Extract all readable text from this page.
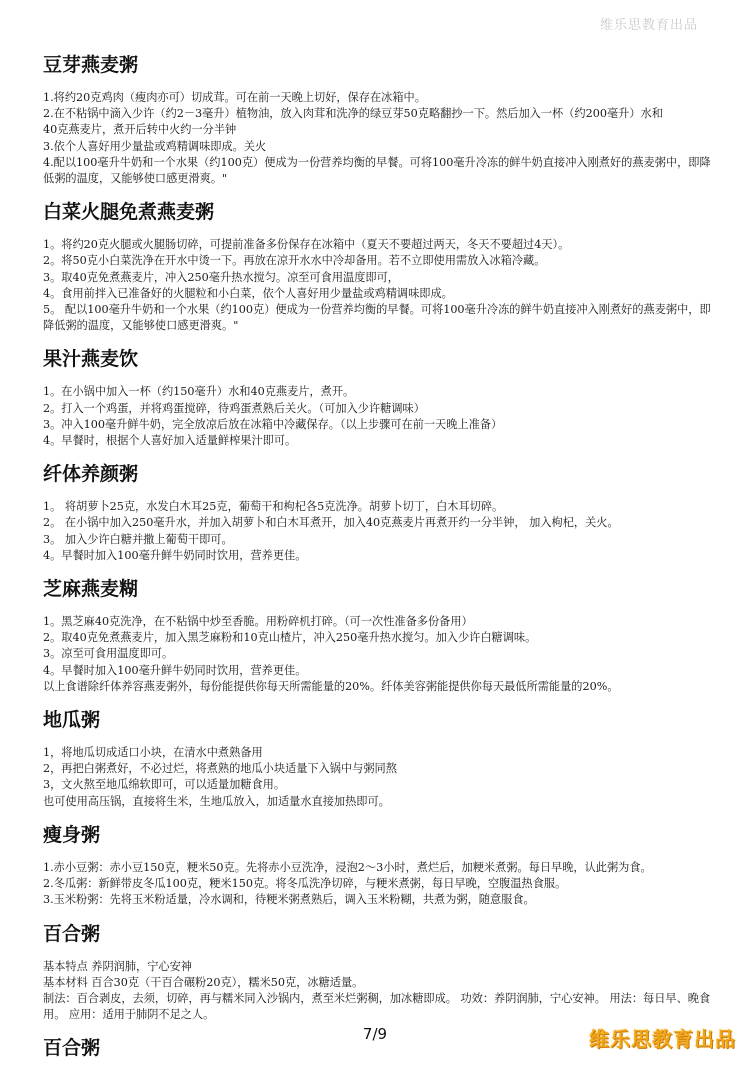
维乐思教育出品
豆芽燕麦粥

1.将约20克鸡肉（瘦肉亦可）切成茸。可在前一天晚上切好，保存在冰箱中。

2.在不粘锅中滴入少许（约2－3毫升）植物油，放入肉茸和洗净的绿豆芽50克略翻抄一下。然后加入一杯（约200毫升）水和

40克燕麦片，煮开后转中火约一分半钟

3.依个人喜好用少量盐或鸡精调味即成。关火

4.配以100毫升牛奶和一个水果（约100克）便成为一份营养均衡的早餐。可将100毫升冷冻的鲜牛奶直接冲入刚煮好的燕麦粥中，即降低粥的温度，又能够使口感更滑爽。"

白菜火腿免煮燕麦粥

1。将约20克火腿或火腿肠切碎，可提前准备多份保存在冰箱中（夏天不要超过两天，冬天不要超过4天）。

2。将50克小白菜洗净在开水中烫一下。再放在凉开水水中冷却备用。若不立即使用需放入冰箱冷藏。

3。取40克免煮燕麦片，冲入250毫升热水搅匀。凉至可食用温度即可，

4。食用前拌入已准备好的火腿粒和小白菜，依个人喜好用少量盐或鸡精调味即成。

5。 配以100毫升牛奶和一个水果（约100克）便成为一份营养均衡的早餐。可将100毫升冷冻的鲜牛奶直接冲入刚煮好的燕麦粥中，即降低粥的温度，又能够使口感更滑爽。"

果汁燕麦饮

1。在小锅中加入一杯（约150毫升）水和40克燕麦片，煮开。

2。打入一个鸡蛋，并将鸡蛋搅碎，待鸡蛋煮熟后关火。（可加入少许糖调味）

3。冲入100毫升鲜牛奶，完全放凉后放在冰箱中冷藏保存。（以上步骤可在前一天晚上准备）

4。早餐时，根据个人喜好加入适量鲜榨果汁即可。

纤体养颜粥

1。 将胡萝卜25克，水发白木耳25克，葡萄干和枸杞各5克洗净。胡萝卜切丁，白木耳切碎。

2。 在小锅中加入250毫升水，并加入胡萝卜和白木耳煮开，加入40克燕麦片再煮开约一分半钟， 加入枸杞，关火。

3。 加入少许白糖并撒上葡萄干即可。

4。早餐时加入100毫升鲜牛奶同时饮用，营养更佳。

芝麻燕麦糊

1。黑芝麻40克洗净，在不粘锅中炒至香脆。用粉碎机打碎。（可一次性准备多份备用）

2。取40克免煮燕麦片，加入黑芝麻粉和10克山楂片，冲入250毫升热水搅匀。加入少许白糖调味。

3。凉至可食用温度即可。

4。早餐时加入100毫升鲜牛奶同时饮用，营养更佳。

以上食谱除纤体养容燕麦粥外，每份能提供你每天所需能量的20%。纤体美容粥能提供你每天最低所需能量的20%。

地瓜粥

1，将地瓜切成适口小块，在清水中煮熟备用

2，再把白粥煮好，不必过烂，将煮熟的地瓜小块适量下入锅中与粥同熬

3，文火熬至地瓜绵软即可，可以适量加糖食用。

也可使用高压锅，直接将生米，生地瓜放入，加适量水直接加热即可。

瘦身粥

1.赤小豆粥：赤小豆150克，粳米50克。先将赤小豆洗净，浸泡2～3小时，煮烂后，加粳米煮粥。每日早晚，认此粥为食。

2.冬瓜粥：新鲜带皮冬瓜100克，粳米150克。将冬瓜洗净切碎，与粳米煮粥，每日早晚，空腹温热食服。

3.玉米粉粥：先将玉米粉适量，冷水调和，待粳米粥煮熟后，调入玉米粉糊，共煮为粥，随意服食。

百合粥

基本特点 养阴润肺，宁心安神

基本材料 百合30克（干百合碾粉20克），糯米50克，冰糖适量。

制法：百合剥皮，去须，切碎，再与糯米同入沙锅内，煮至米烂粥稠，加冰糖即成。 功效：养阴润肺，宁心安神。 用法：每日早、晚食用。 应用：适用于肺阴不足之人。

百合粥
7/9	维乐思教育出品
